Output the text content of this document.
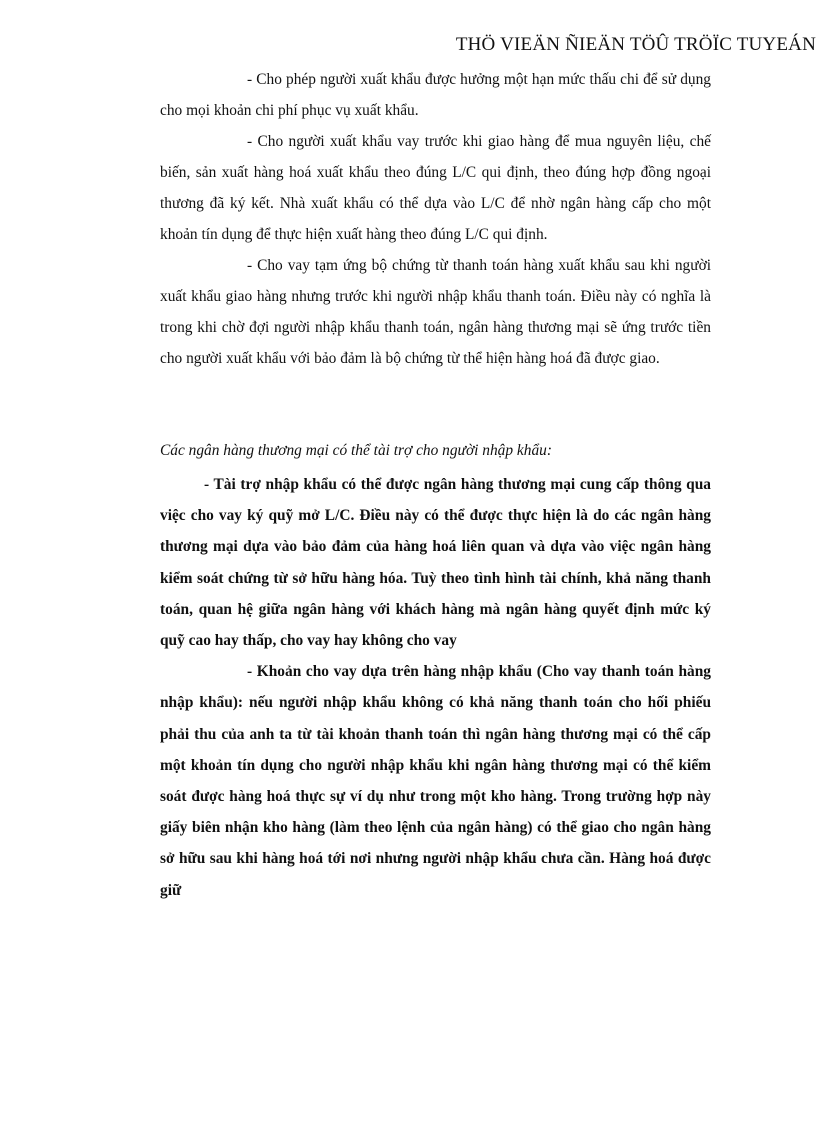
THÖ VIEÄN ÑIEÄN TÖÛ TRÖÏC TUYEÁN

- Cho phép người xuất khẩu được hưởng một hạn mức thấu chi để sử dụng cho mọi khoản chi phí phục vụ xuất khẩu.

- Cho người xuất khẩu vay trước khi giao hàng để mua nguyên liệu, chế biến, sản xuất hàng hoá xuất khẩu theo đúng L/C qui định, theo đúng hợp đồng ngoại thương đã ký kết. Nhà xuất khẩu có thể dựa vào L/C để nhờ ngân hàng cấp cho một khoản tín dụng để thực hiện xuất hàng theo đúng L/C qui định.

- Cho vay tạm ứng bộ chứng từ thanh toán hàng xuất khẩu sau khi người xuất khẩu giao hàng nhưng trước khi người nhập khẩu thanh toán. Điều này có nghĩa là trong khi chờ đợi người nhập khẩu thanh toán, ngân hàng thương mại sẽ ứng trước tiền cho người xuất khẩu với bảo đảm là bộ chứng từ thể hiện hàng hoá đã được giao.

Các ngân hàng thương mại có thể tài trợ cho người nhập khẩu:

- Tài trợ nhập khẩu có thể được ngân hàng thương mại cung cấp thông qua việc cho vay ký quỹ mở L/C. Điều này có thể được thực hiện là do các ngân hàng thương mại dựa vào bảo đảm của hàng hoá liên quan và dựa vào việc ngân hàng kiểm soát chứng từ sở hữu hàng hóa. Tuỳ theo tình hình tài chính, khả năng thanh toán, quan hệ giữa ngân hàng với khách hàng mà ngân hàng quyết định mức ký quỹ cao hay thấp, cho vay hay không cho vay

- Khoản cho vay dựa trên hàng nhập khẩu (Cho vay thanh toán hàng nhập khẩu): nếu người nhập khẩu không có khả năng thanh toán cho hối phiếu phải thu của anh ta từ tài khoản thanh toán thì ngân hàng thương mại có thể cấp một khoản tín dụng cho người nhập khẩu khi ngân hàng thương mại có thể kiểm soát được hàng hoá thực sự ví dụ như trong một kho hàng. Trong trường hợp này giấy biên nhận kho hàng (làm theo lệnh của ngân hàng) có thể giao cho ngân hàng sở hữu sau khi hàng hoá tới nơi nhưng người nhập khẩu chưa cần. Hàng hoá được giữ
